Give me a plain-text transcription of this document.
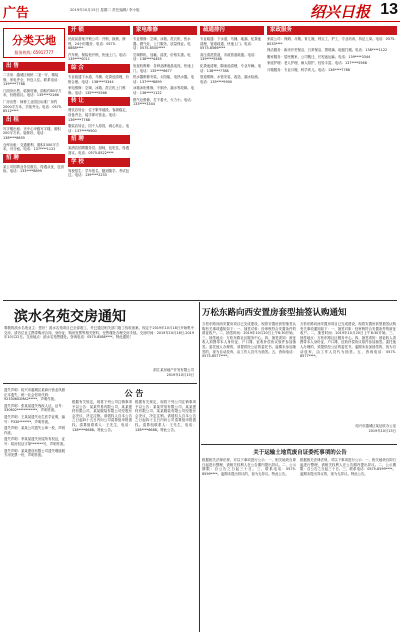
广告	2019年10月15日 星期二 责任编辑/ 李小姐	绍兴日报 13
分类天地
服务热线: 65917777
出 售
二手房：越城区柯桥 二室一厅，精装修，家电齐全，拎包入住。联系电话：139****7788
门面房出售，临街旺铺，面积约80平方米，价格面议。电话：135****2266
厂房出售：柯桥工业园区标准厂房约2000平方米，手续齐全。电话：0575-8512****
出 租
写字楼出租：市中心甲级写字楼，面积200平方米，装修好。电话：138****6655
仓库出租：交通便利，面积1500平方米，可分租。电话：137****1122
招 聘
某公司招聘业务员数名，待遇从优，包食宿。电话：133****8899
开 锁
民政局备案开锁公司：开锁、换锁、修锁，24小时服务，电话：0575-8888****
汽车锁、保险柜开锁，快速上门。电话：139****0011
综 合
专业疏通下水道、马桶、化粪池清理，价格合理。电话：138****3344
家电维修：空调、冰箱、洗衣机上门维修。电话：135****5566
转 让
餐饮店转让：位于繁华地段，客源稳定，设备齐全，接手即可营业。电话：136****7788
服装店转让，因个人原因，诚心转让。电话：137****9900
招 聘
某酒店招聘服务员、厨师，包吃住，待遇面议。电话：0575-8522****
学 校
驾校招生：学车报名，随到随学，考试包过。电话：139****2233
家电维修
专业维修：空调、冰箱、洗衣机、热水器、燃气灶，上门服务，质量保证。电话：0575-8500****
空调移机、加氟、清洗，价格实惠。电话：138****4455
电视机维修：各种品牌液晶电视，快速上门。电话：135****6677
热水器维修安装，太阳能、电热水器。电话：137****8899
冰箱冰柜维修，不制冷、漏水等故障。电话：136****1122
燃气灶维修，打不着火、火力小。电话：133****3344
疏通排污
专业疏通：下水道、马桶、地漏、化粪池清理，管道疏通，快速上门。电话：0575-8566****
高压清洗管道，市政管道疏通。电话：139****5566
化粪池清理，隔油池清理，专业车辆。电话：138****7788
管道维修，水管安装、改造，漏水检测。电话：135****9900
家政服务
家政公司：保姆、月嫂、育儿嫂、钟点工、护工，专业培训，持证上岗。电话：0575-8533****
保洁服务：新房开荒保洁、日常保洁、擦玻璃、地板打蜡。电话：138****1122
搬家服务：居民搬家、公司搬迁、长短途运输。电话：139****3344
家庭护理：老人护理、病人陪护，经验丰富。电话：137****5566
月嫂服务：专业月嫂，科学育儿。电话：136****7788
滨水名苑交房通知
尊敬的滨水名苑业主：您好！滨水名苑项目已全部竣工，并已通过相关部门竣工验收备案。现定于2019年10月18日开始集中交房，请各位业主携带购房合同、身份证、购房发票等相关资料，至售楼处办理交房手续。交房时间：2019年10月18日-2019年10月22日。交房地点：滨水名苑售楼处。咨询电话：0575-8588****。特此通知！
浙江某房地产开发有限公司
2019年10月15日
万松东路向西安置房套型抽签认购通知
万松东路向西安置房项目已完成建设，现将安置房套型抽签认购有关事项通知如下：一、抽签对象：经审核符合安置条件的被征收户。二、抽签时间：2019年10月20日上午8:30开始。三、抽签地点：万松东路社区服务中心。四、抽签须知：被征收人须携带本人身份证、户口簿、征收补偿协议原件参加抽签。委托他人办理的，须提供经公证的委托书。逾期未参加抽签的，视为自动放弃，由工作人员代为抽签。五、咨询电话：0575-8577****。
万松东路向西安置房项目已完成建设，现将安置房套型抽签认购有关事项通知如下：一、抽签对象：经审核符合安置条件的被征收户。二、抽签时间：2019年10月20日上午8:30开始。三、抽签地点：万松东路社区服务中心。四、抽签须知：被征收人须携带本人身份证、户口簿、征收补偿协议原件参加抽签。委托他人办理的，须提供经公证的委托书。逾期未参加抽签的，视为自动放弃，由工作人员代为抽签。五、咨询电话：0575-8577****。
绍兴市越城区某征收办公室
2019年10月15日
遗失声明：绍兴市越城区某商行营业执照正本遗失，统一社会信用代码：92330602MA2*****，声明作废。
遗失声明：张某某遗失残疾人证，证号：330602************，声明作废。
遗失声明：王某某遗失出生医学证明，编号：P330*******，声明作废。
遗失声明：某某公司遗失公章一枚，声明作废。
遗失声明：李某某遗失房屋所有权证，证号：绍房权证字第*******号，声明作废。
遗失声明：某某建设有限公司遗失增值税专用发票一份，声明作废。
公 告
根据有关规定，现将下列公司注销事项予以公告：某某贸易有限公司、某某建材有限公司、某某服装有限公司经股东会决议，决定注销。请债权人自本公告之日起四十五日内向公司清算组申报债权。清算组联系人：王先生，电话：138****6688。特此公告。
根据有关规定，现将下列公司注销事项予以公告：某某贸易有限公司、某某建材有限公司、某某服装有限公司经股东会决议，决定注销。请债权人自本公告之日起四十五日内向公司清算组申报债权。清算组联系人：王先生，电话：138****6688。特此公告。
关于运输土地荒废自证委托事项的公告
根据相关法律法规，对以下事项进行公示：一、相关地块自即日起进行整理，请相关权利人在公告期内提出异议。二、公示期限：自公告之日起三十日。三、联系电话：0575-8599****。逾期未提出异议的，视为无异议。特此公告。
根据相关法律法规，对以下事项进行公示：一、相关地块自即日起进行整理，请相关权利人在公告期内提出异议。二、公示期限：自公告之日起三十日。三、联系电话：0575-8599****。逾期未提出异议的，视为无异议。特此公告。
